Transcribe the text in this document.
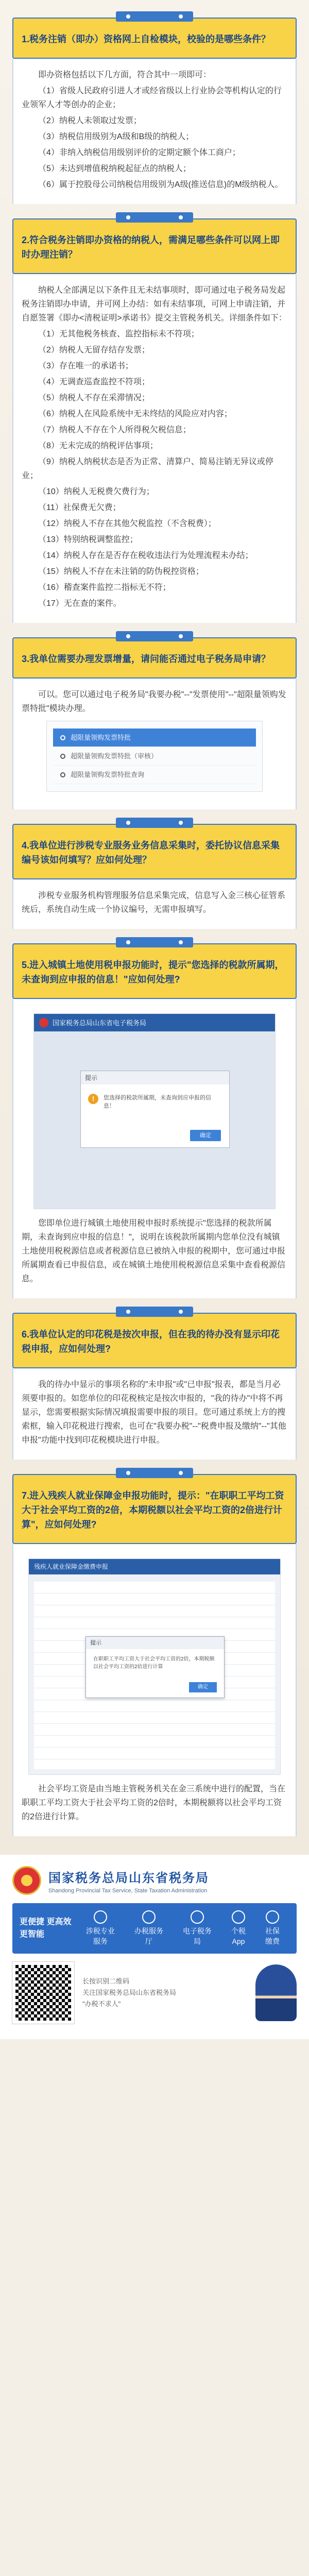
1.税务注销（即办）资格网上自检模块，校验的是哪些条件？

即办资格包括以下几方面，符合其中一项即可：

（1）省级人民政府引进人才或经省级以上行业协会等机构认定的行业领军人才等创办的企业；

（2）纳税人未领取过发票；

（3）纳税信用级别为A级和B级的纳税人；

（4）非纳入纳税信用级别评价的定期定额个体工商户；

（5）未达到增值税纳税起征点的纳税人；

（6）属于控股母公司纳税信用级别为A级(推送信息)的M级纳税人。

2.符合税务注销即办资格的纳税人，需满足哪些条件可以网上即时办理注销？

纳税人全部满足以下条件且无未结事项时，即可通过电子税务局发起税务注销即办申请，并可网上办结：如有未结事项，可网上申请注销，并自愿签署《即办<清税证明>承诺书》提交主管税务机关。详细条件如下：

（1）无其他税务核查、监控指标未不符项；

（2）纳税人无留存结存发票；

（3）存在唯一的承诺书；

（4）无调查巡查监控不符项；

（5）纳税人不存在采滞情况；

（6）纳税人在风险系统中无未终结的风险应对内容；

（7）纳税人不存在个人所得税欠税信息；

（8）无未完成的纳税评估事项；

（9）纳税人纳税状态是否为正常、清算户、简易注销无异议或停业；

（10）纳税人无税费欠费行为；

（11）社保费无欠费；

（12）纳税人不存在其他欠税监控（不含税费）；

（13）特别纳税调整监控；

（14）纳税人存在是否存在税收违法行为处理流程未办结；

（15）纳税人不存在未注销的防伪税控资格；

（16）稽查案件监控二指标无不符；

（17）无在查的案件。

3.我单位需要办理发票增量，请问能否通过电子税务局申请？

可以。您可以通过电子税务局"我要办税"--"发票使用"--"超限量领购发票特批"模块办理。

超限量领购发票特批
超限量领购发票特批（审核）
超限量领购发票特批查询
4.我单位进行涉税专业服务业务信息采集时，委托协议信息采集编号该如何填写？应如何处理？

涉税专业服务机构管理服务信息采集完成，信息写入金三核心征管系统后，系统自动生成一个协议编号，无需申报填写。

5.进入城镇土地使用税申报功能时，提示"您选择的税款所属期，未查询到应申报的信息！"应如何处理?
国家税务总局山东省电子税务局
提示
!	您选择的税款所属期，未查询到应申报的信息！
确定

您即单位进行城镇土地使用税申报时系统提示"您选择的税款所属期，未查询到应申报的信息！"，说明在该税款所属期内您单位没有城镇土地使用税税源信息或者税源信息已被纳入申报的税期中，您可通过申报所属期查看已申报信息，或在城镇土地使用税税源信息采集中查看税源信息。

6.我单位认定的印花税是按次申报，但在我的待办没有显示印花税申报，应如何处理?

我的待办中显示的事项名称的"未申报"或"已申报"报表，都是当月必须要申报的。如您单位的印花税核定是按次申报的，"我的待办"中将不再显示，您需要根据实际情况填报需要申报的项目。您可通过系统上方的搜索框，输入印花税进行搜索，也可在"我要办税"--"税费申报及缴纳"--"其他申报"功能中找到印花税模块进行申报。

7.进入残疾人就业保障金申报功能时，提示："在职职工平均工资大于社会平均工资的2倍，本期税额以社会平均工资的2倍进行计算"，应如何处理?
残疾人就业保障金缴费申报
提示
在职职工平均工资大于社会平均工资的2倍，本期税额以社会平均工资的2倍进行计算
确定

社会平均工资是由当地主管税务机关在金三系统中进行的配置，当在职职工平均工资大于社会平均工资的2倍时，本期税额将以社会平均工资的2倍进行计算。

国家税务总局山东省税务局
Shandong Provincial Tax Service, State Taxation Administration
更便捷 更高效 更智能	涉税专业
服务
办税服务
厅
电子税务
局
个税
App
社保
缴费
长按识别二维码
关注国家税务总局山东省税务局
"办税不求人"
